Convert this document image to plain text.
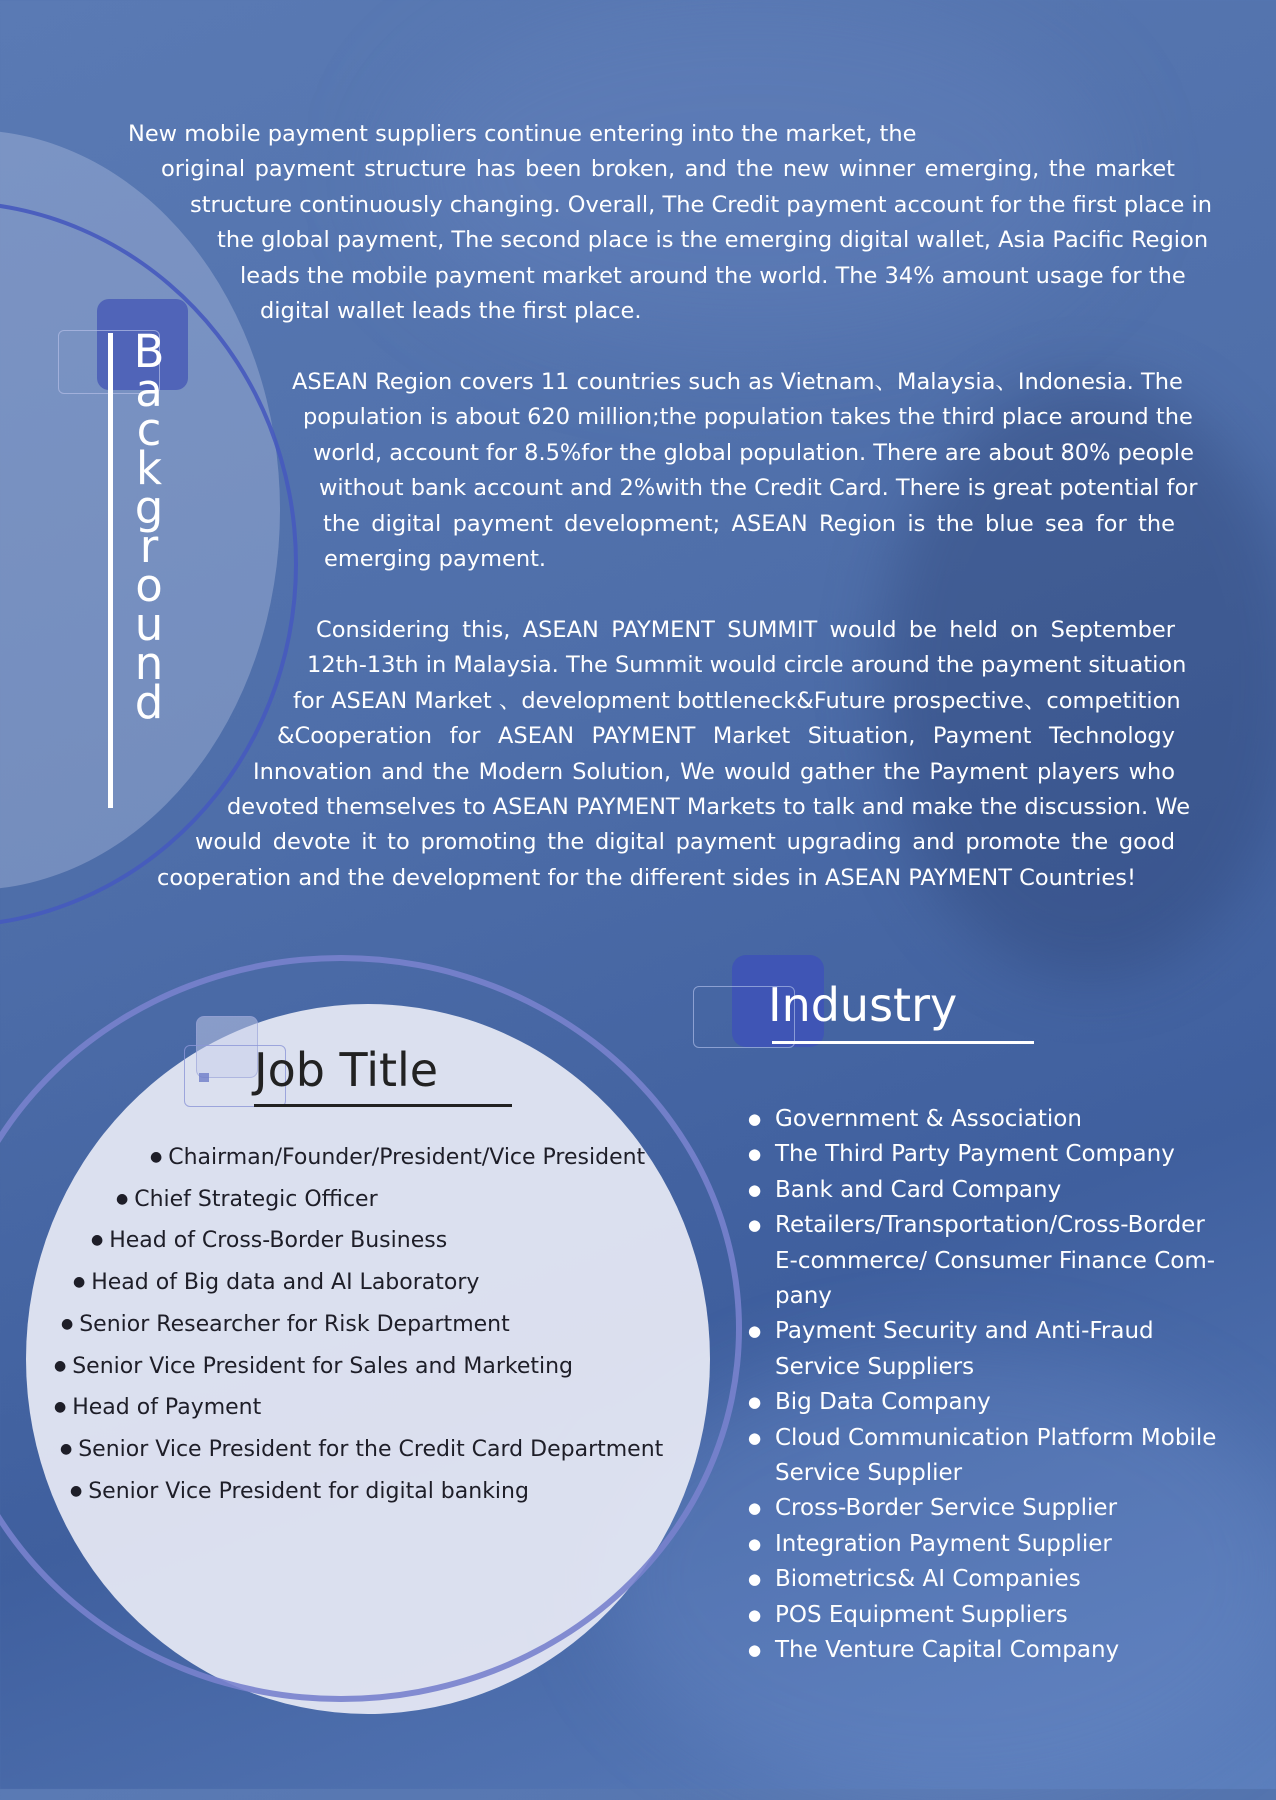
B
a
c
k
g
r
o
u
n
d
New mobile payment suppliers continue entering into the market, the
original payment structure has been broken, and the new winner emerging, the market
structure continuously changing. Overall, The Credit payment account for the first place in
the global payment, The second place is the emerging digital wallet, Asia Pacific Region
leads the mobile payment market around the world. The 34% amount usage for the
digital wallet leads the first place.
ASEAN Region covers 11 countries such as Vietnam、Malaysia、Indonesia. The
population is about 620 million;the population takes the third place around the
world, account for 8.5%for the global population. There are about 80% people
without bank account and 2%with the Credit Card. There is great potential for
the digital payment development; ASEAN Region is the blue sea for the
emerging payment.
Considering this, ASEAN PAYMENT SUMMIT would be held on September
12th-13th in Malaysia. The Summit would circle around the payment situation
for ASEAN Market 、development bottleneck&Future prospective、competition
&Cooperation for ASEAN PAYMENT Market Situation, Payment Technology
Innovation and the Modern Solution, We would gather the Payment players who
devoted themselves to ASEAN PAYMENT Markets to talk and make the discussion. We
would devote it to promoting the digital payment upgrading and promote the good
cooperation and the development for the different sides in ASEAN PAYMENT Countries!
Job Title
● Chairman/Founder/President/Vice President
● Chief Strategic Officer
● Head of Cross-Border Business
● Head of Big data and AI Laboratory
● Senior Researcher for Risk Department
● Senior Vice President for Sales and Marketing
● Head of Payment
● Senior Vice President for the Credit Card Department
● Senior Vice President for digital banking
Industry
● Government & Association
● The Third Party Payment Company
● Bank and Card Company
● Retailers/Transportation/Cross-Border E-commerce/ Consumer Finance Com-pany
● Payment Security and Anti-Fraud Service Suppliers
● Big Data Company
● Cloud Communication Platform Mobile Service Supplier
● Cross-Border Service Supplier
● Integration Payment Supplier
● Biometrics& AI Companies
● POS Equipment Suppliers
● The Venture Capital Company
